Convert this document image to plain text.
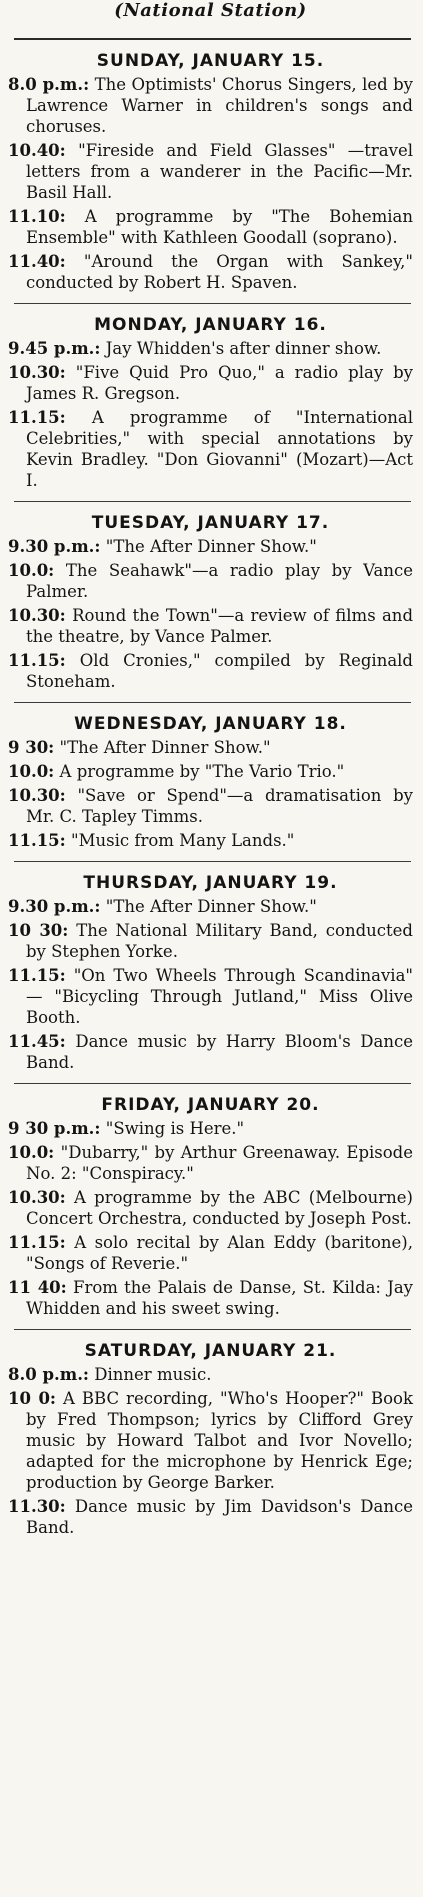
(National Station)
SUNDAY, JANUARY 15.
8.0 p.m.: The Optimists' Chorus Singers, led by Lawrence Warner in children's songs and choruses.
10.40: "Fireside and Field Glasses" —travel letters from a wanderer in the Pacific—Mr. Basil Hall.
11.10: A programme by "The Bohemian Ensemble" with Kathleen Goodall (soprano).
11.40: "Around the Organ with Sankey," conducted by Robert H. Spaven.
MONDAY, JANUARY 16.
9.45 p.m.: Jay Whidden's after dinner show.
10.30: "Five Quid Pro Quo," a radio play by James R. Gregson.
11.15: A programme of "International Celebrities," with special annotations by Kevin Bradley. "Don Giovanni" (Mozart)—Act I.
TUESDAY, JANUARY 17.
9.30 p.m.: "The After Dinner Show."
10.0: The Seahawk"—a radio play by Vance Palmer.
10.30: Round the Town"—a review of films and the theatre, by Vance Palmer.
11.15: Old Cronies," compiled by Reginald Stoneham.
WEDNESDAY, JANUARY 18.
9 30: "The After Dinner Show."
10.0: A programme by "The Vario Trio."
10.30: "Save or Spend"—a dramatisation by Mr. C. Tapley Timms.
11.15: "Music from Many Lands."
THURSDAY, JANUARY 19.
9.30 p.m.: "The After Dinner Show."
10 30: The National Military Band, conducted by Stephen Yorke.
11.15: "On Two Wheels Through Scandinavia" — "Bicycling Through Jutland," Miss Olive Booth.
11.45: Dance music by Harry Bloom's Dance Band.
FRIDAY, JANUARY 20.
9 30 p.m.: "Swing is Here."
10.0: "Dubarry," by Arthur Greenaway. Episode No. 2: "Conspiracy."
10.30: A programme by the ABC (Melbourne) Concert Orchestra, conducted by Joseph Post.
11.15: A solo recital by Alan Eddy (baritone), "Songs of Reverie."
11 40: From the Palais de Danse, St. Kilda: Jay Whidden and his sweet swing.
SATURDAY, JANUARY 21.
8.0 p.m.: Dinner music.
10 0: A BBC recording, "Who's Hooper?" Book by Fred Thompson; lyrics by Clifford Grey music by Howard Talbot and Ivor Novello; adapted for the microphone by Henrick Ege; production by George Barker.
11.30: Dance music by Jim Davidson's Dance Band.
